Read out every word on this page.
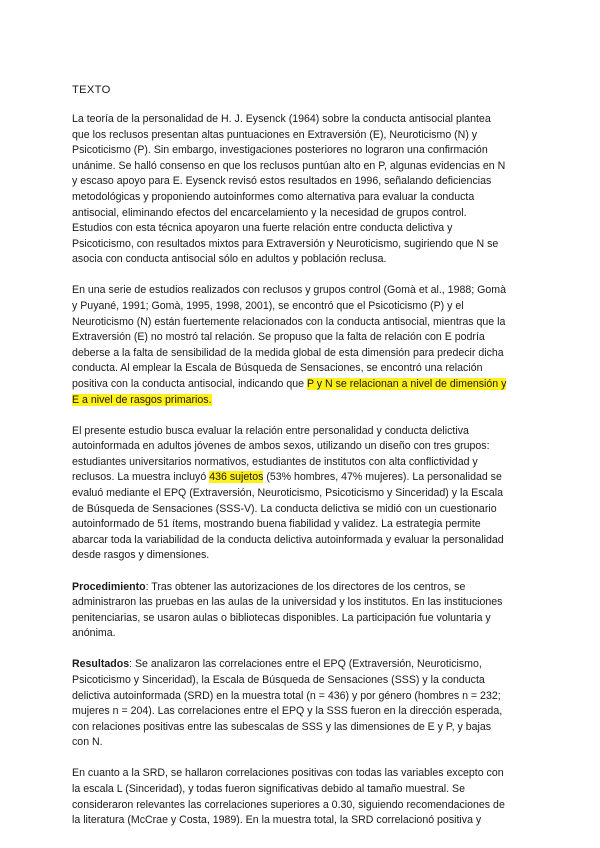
TEXTO

La teoría de la personalidad de H. J. Eysenck (1964) sobre la conducta antisocial plantea que los reclusos presentan altas puntuaciones en Extraversión (E), Neuroticismo (N) y Psicoticismo (P). Sin embargo, investigaciones posteriores no lograron una confirmación unánime. Se halló consenso en que los reclusos puntúan alto en P, algunas evidencias en N y escaso apoyo para E. Eysenck revisó estos resultados en 1996, señalando deficiencias metodológicas y proponiendo autoinformes como alternativa para evaluar la conducta antisocial, eliminando efectos del encarcelamiento y la necesidad de grupos control. Estudios con esta técnica apoyaron una fuerte relación entre conducta delictiva y Psicoticismo, con resultados mixtos para Extraversión y Neuroticismo, sugiriendo que N se asocia con conducta antisocial sólo en adultos y población reclusa.

En una serie de estudios realizados con reclusos y grupos control (Gomà et al., 1988; Gomà y Puyané, 1991; Gomà, 1995, 1998, 2001), se encontró que el Psicoticismo (P) y el Neuroticismo (N) están fuertemente relacionados con la conducta antisocial, mientras que la Extraversión (E) no mostró tal relación. Se propuso que la falta de relación con E podría deberse a la falta de sensibilidad de la medida global de esta dimensión para predecir dicha conducta. Al emplear la Escala de Búsqueda de Sensaciones, se encontró una relación positiva con la conducta antisocial, indicando que P y N se relacionan a nivel de dimensión y E a nivel de rasgos primarios.

El presente estudio busca evaluar la relación entre personalidad y conducta delictiva autoinformada en adultos jóvenes de ambos sexos, utilizando un diseño con tres grupos: estudiantes universitarios normativos, estudiantes de institutos con alta conflictividad y reclusos. La muestra incluyó 436 sujetos (53% hombres, 47% mujeres). La personalidad se evaluó mediante el EPQ (Extraversión, Neuroticismo, Psicoticismo y Sinceridad) y la Escala de Búsqueda de Sensaciones (SSS-V). La conducta delictiva se midió con un cuestionario autoinformado de 51 ítems, mostrando buena fiabilidad y validez. La estrategia permite abarcar toda la variabilidad de la conducta delictiva autoinformada y evaluar la personalidad desde rasgos y dimensiones.

Procedimiento: Tras obtener las autorizaciones de los directores de los centros, se administraron las pruebas en las aulas de la universidad y los institutos. En las instituciones penitenciarias, se usaron aulas o bibliotecas disponibles. La participación fue voluntaria y anónima.

Resultados: Se analizaron las correlaciones entre el EPQ (Extraversión, Neuroticismo, Psicoticismo y Sinceridad), la Escala de Búsqueda de Sensaciones (SSS) y la conducta delictiva autoinformada (SRD) en la muestra total (n = 436) y por género (hombres n = 232; mujeres n = 204). Las correlaciones entre el EPQ y la SSS fueron en la dirección esperada, con relaciones positivas entre las subescalas de SSS y las dimensiones de E y P, y bajas con N.

En cuanto a la SRD, se hallaron correlaciones positivas con todas las variables excepto con la escala L (Sinceridad), y todas fueron significativas debido al tamaño muestral. Se consideraron relevantes las correlaciones superiores a 0.30, siguiendo recomendaciones de la literatura (McCrae y Costa, 1989). En la muestra total, la SRD correlacionó positiva y
